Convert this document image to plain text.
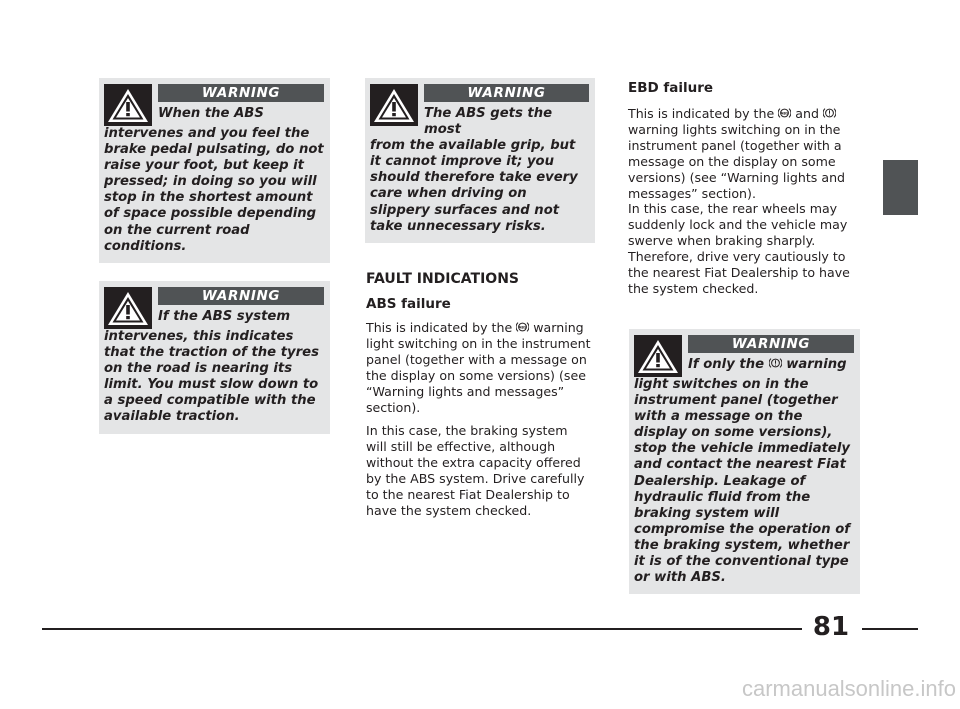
WARNING
When the ABS
intervenes and you feel the brake pedal pulsating, do not raise your foot, but keep it pressed; in doing so you will stop in the shortest amount of space possible depending on the current road conditions.
WARNING
If the ABS system
intervenes, this indicates that the traction of the tyres on the road is nearing its limit. You must slow down to a speed compatible with the available traction.
WARNING
The ABS gets the most
from the available grip, but it cannot improve it; you should therefore take every care when driving on slippery surfaces and not take unnecessary risks.
FAULT INDICATIONS
ABS failure

This is indicated by the warning light switching on in the instrument panel (together with a message on the display on some versions) (see “Warning lights and messages” section).

In this case, the braking system will still be effective, although without the extra capacity offered by the ABS system. Drive carefully to the nearest Fiat Dealership to have the system checked.

EBD failure
This is indicated by the and  warning lights switching on in the instrument panel (together with a message on the display on some versions) (see “Warning lights and messages” section).
In this case, the rear wheels may suddenly lock and the vehicle may swerve when braking sharply. Therefore, drive very cautiously to the nearest Fiat Dealership to have the system checked.
WARNING
If only the warning
light switches on in the instrument panel (together with a message on the display on some versions), stop the vehicle immediately and contact the nearest Fiat Dealership. Leakage of hydraulic fluid from the braking system will compromise the operation of the braking system, whether it is of the conventional type or with ABS.
81
carmanualsonline.info
